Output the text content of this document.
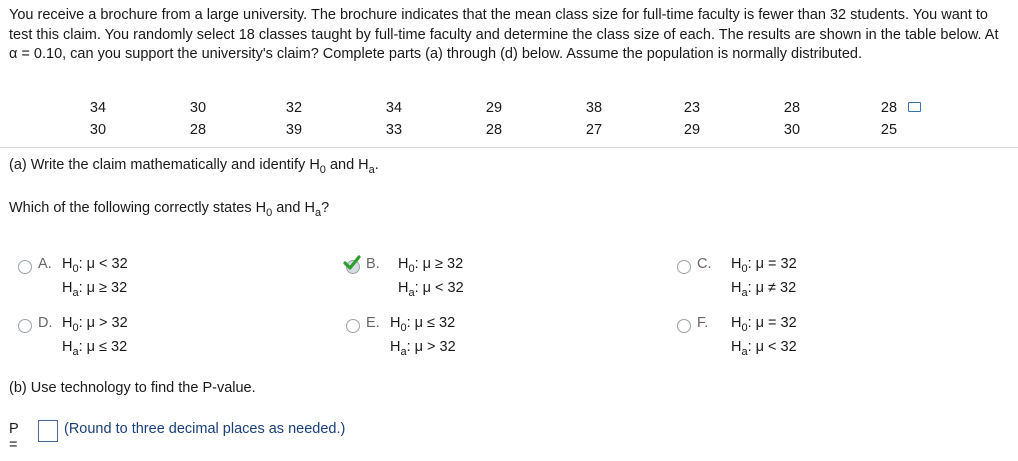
You receive a brochure from a large university. The brochure indicates that the mean class size for full-time faculty is fewer than 32 students. You want to test this claim. You randomly select 18 classes taught by full-time faculty and determine the class size of each. The results are shown in the table below. At α = 0.10, can you support the university's claim? Complete parts (a) through (d) below. Assume the population is normally distributed.
34	30	32	34	29	38	23	28	28
30	28	39	33	28	27	29	30	25
(a) Write the claim mathematically and identify $H_0$ and $H_a$.
Which of the following correctly states $H_0$ and $H_a$?
A. $H_0$: μ < 32
$H_a$: μ ≥ 32
B. $H_0$: μ ≥ 32
$H_a$: μ < 32
C. $H_0$: μ = 32
$H_a$: μ ≠ 32
D. $H_0$: μ > 32
$H_a$: μ ≤ 32
E. $H_0$: μ ≤ 32
$H_a$: μ > 32
F. $H_0$: μ = 32
$H_a$: μ < 32
(b) Use technology to find the P-value.
P =
(Round to three decimal places as needed.)
